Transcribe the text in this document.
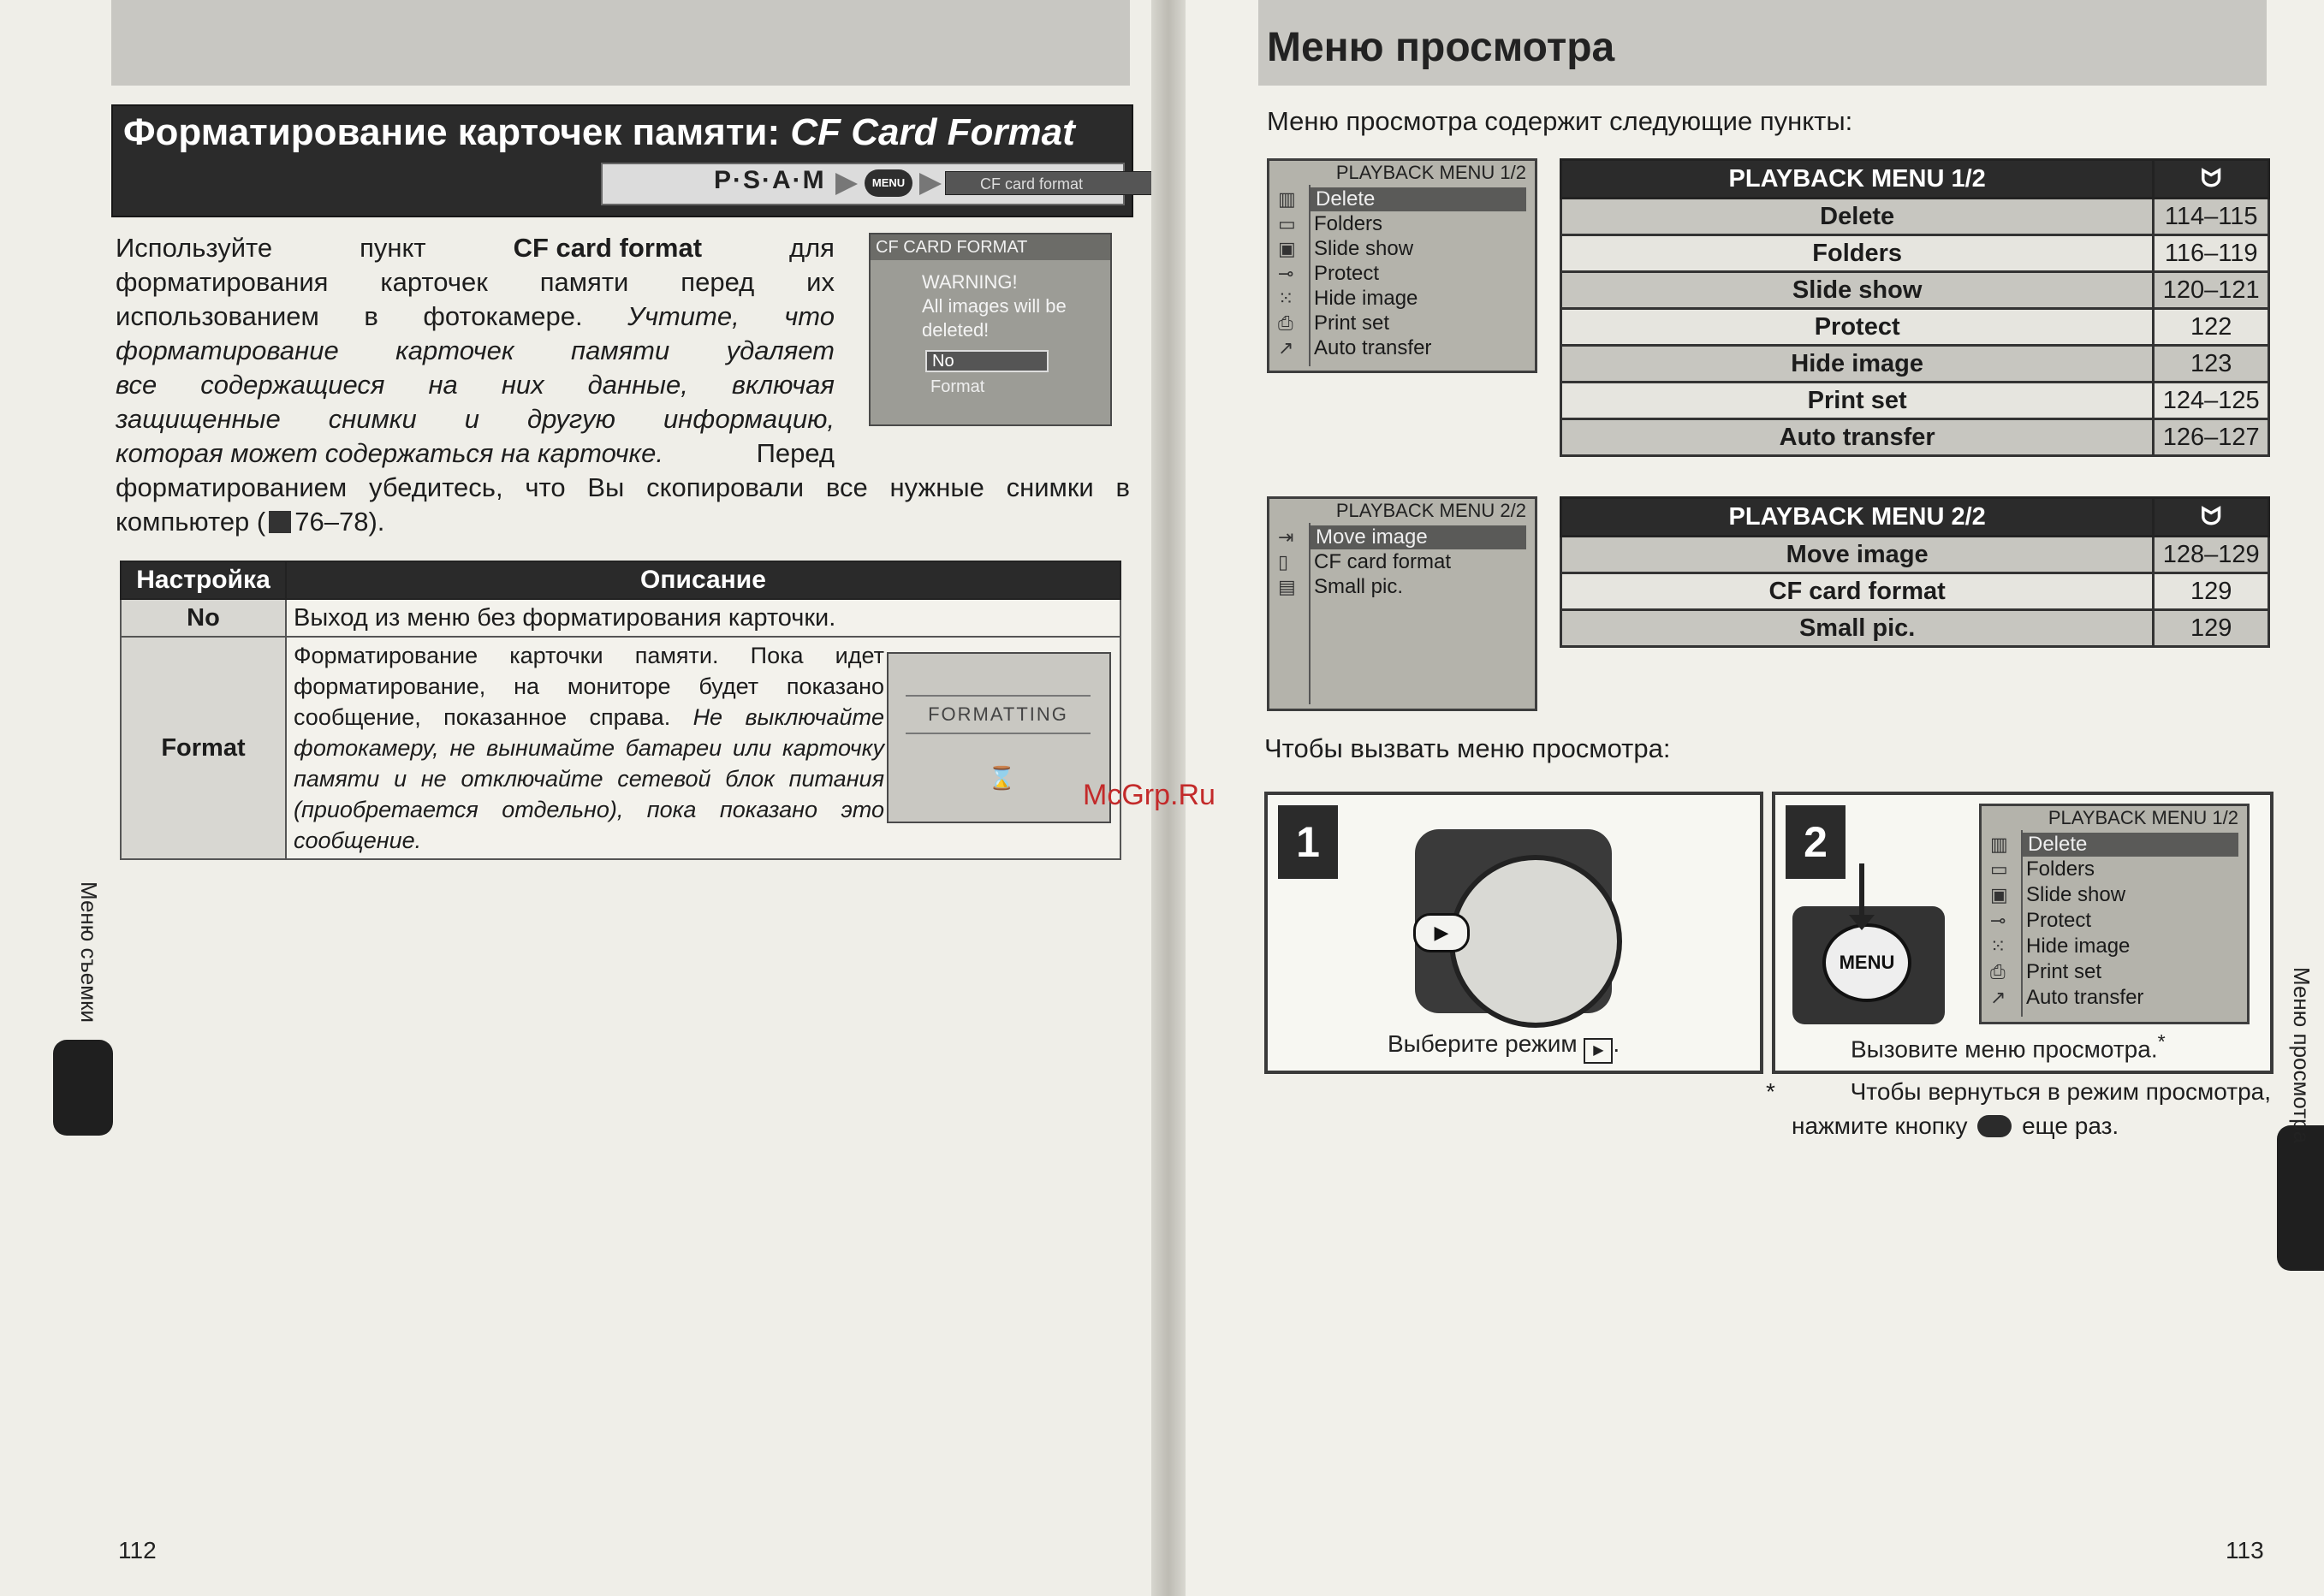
Форматирование карточек памяти: CF Card Format
P·S·A·M	MENU	CF card format
Используйте	пункт	CF card format	для
форматирования карточек памяти перед их
использованием в фотокамере. Учтите, что
форматирование карточек памяти удаляет
все содержащиеся на них данные, включая
защищенные снимки и другую информацию,
которая может содержаться на карточке.	Перед
форматированием убедитесь, что Вы скопировали все нужные снимки в
компьютер ( 76–78).
CF CARD FORMAT
WARNING!
All images will be
deleted!
No
Format
Настройка	Описание
No	Выход из меню без форматирования карточки.
Format	Форматирование карточки памяти. Пока идет форматирование, на мониторе будет показано сообщение, показанное справа. Не выключайте фотокамеру, не вынимайте батареи или карточку памяти и не отключайте сетевой блок питания (приобретается отдельно), пока показано это сообщение.
FORMATTING
⌛
Меню съемки
112
Меню просмотра
Меню просмотра содержит следующие пункты:
PLAYBACK MENU 1/2
▥ Delete
▭ Folders
▣ Slide show
⊸ Protect
⁙ Hide image
⎙ Print set
↗ Auto transfer
PLAYBACK MENU 1/2	ᗢ
Delete	114–115
Folders	116–119
Slide show	120–121
Protect	122
Hide image	123
Print set	124–125
Auto transfer	126–127
PLAYBACK MENU 2/2
⇥ Move image
▯ CF card format
▤ Small pic.
PLAYBACK MENU 2/2	ᗢ
Move image	128–129
CF card format	129
Small pic.	129
Чтобы вызвать меню просмотра:
1
▶
Выберите режим ▶ .
2
MENU
PLAYBACK MENU 1/2
▥ Delete
▭ Folders
▣ Slide show
⊸ Protect
⁙ Hide image
⎙ Print set
↗ Auto transfer
Вызовите меню просмотра.*
*	Чтобы вернуться в режим просмотра,
нажмите кнопку еще раз.	Меню просмотра
113
McGrp.Ru
